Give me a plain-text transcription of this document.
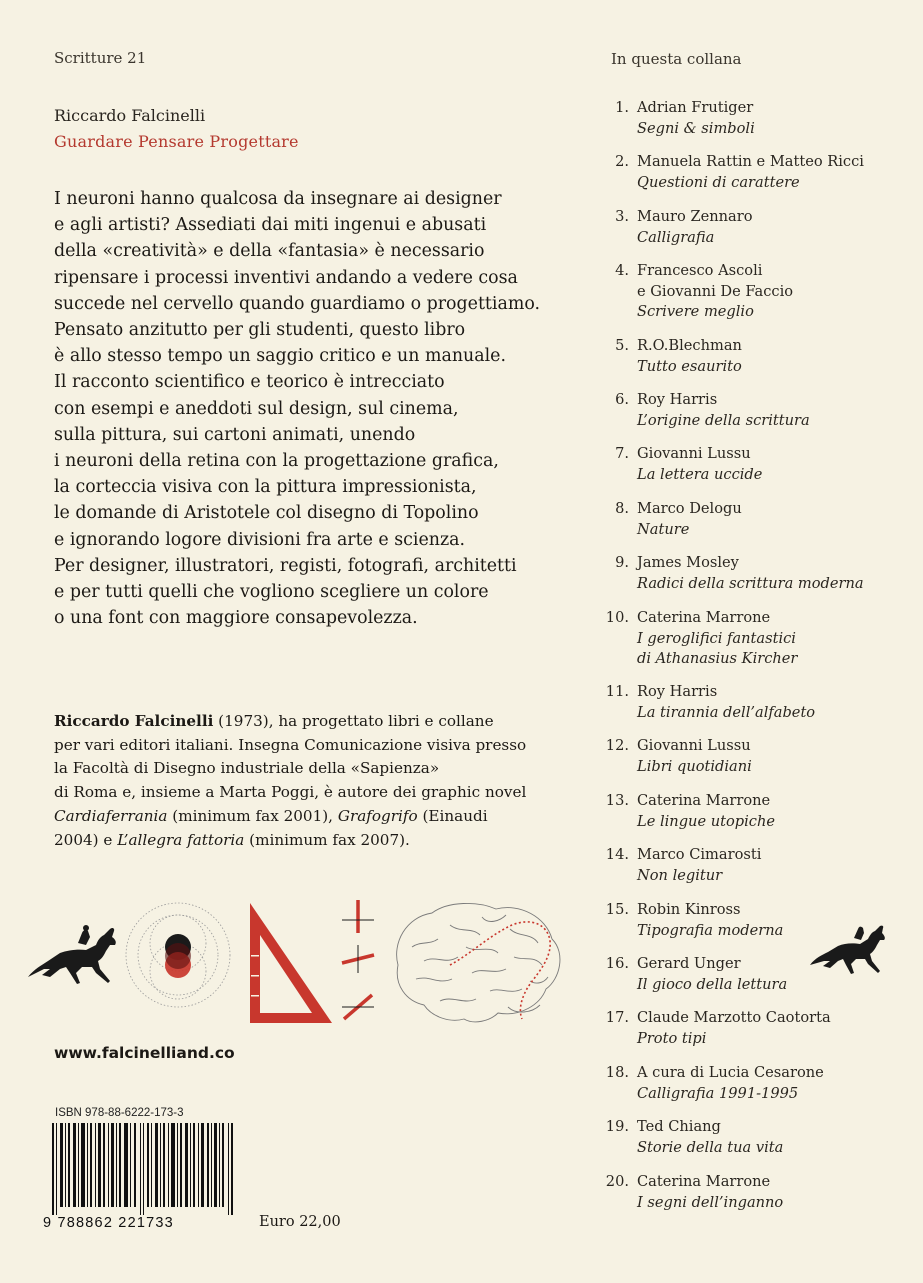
Scritture 21
Riccardo Falcinelli
Guardare Pensare Progettare

I neuroni hanno qualcosa da insegnare ai designer

e agli artisti? Assediati dai miti ingenui e abusati

della «creatività» e della «fantasia» è necessario

ripensare i processi inventivi andando a vedere cosa

succede nel cervello quando guardiamo o progettiamo.

Pensato anzitutto per gli studenti, questo libro

è allo stesso tempo un saggio critico e un manuale.

Il racconto scientifico e teorico è intrecciato

con esempi e aneddoti sul design, sul cinema,

sulla pittura, sui cartoni animati, unendo

i neuroni della retina con la progettazione grafica,

la corteccia visiva con la pittura impressionista,

le domande di Aristotele col disegno di Topolino

e ignorando logore divisioni fra arte e scienza.

Per designer, illustratori, registi, fotografi, architetti

e per tutti quelli che vogliono scegliere un colore

o una font con maggiore consapevolezza.

Riccardo Falcinelli (1973), ha progettato libri e collane

per vari editori italiani. Insegna Comunicazione visiva presso

la Facoltà di Disegno industriale della «Sapienza»

di Roma e, insieme a Marta Poggi, è autore dei graphic novel

Cardiaferrania (minimum fax 2001), Grafogrifo (Einaudi

2004) e L’allegra fattoria (minimum fax 2007).

www.falcinelliand.co
ISBN 978-88-6222-173-3
9 788862 221733	Euro 22,00
In questa collana
1. Adrian Frutiger
Segni & simboli
2. Manuela Rattin e Matteo Ricci
Questioni di carattere
3. Mauro Zennaro
Calligrafia
4. Francesco Ascoli
e Giovanni De Faccio
Scrivere meglio
5. R.O.Blechman
Tutto esaurito
6. Roy Harris
L’origine della scrittura
7. Giovanni Lussu
La lettera uccide
8. Marco Delogu
Nature
9. James Mosley
Radici della scrittura moderna
10. Caterina Marrone
I geroglifici fantastici
di Athanasius Kircher
11. Roy Harris
La tirannia dell’alfabeto
12. Giovanni Lussu
Libri quotidiani
13. Caterina Marrone
Le lingue utopiche
14. Marco Cimarosti
Non legitur
15. Robin Kinross
Tipografia moderna
16. Gerard Unger
Il gioco della lettura
17. Claude Marzotto Caotorta
Proto tipi
18. A cura di Lucia Cesarone
Calligrafia 1991-1995
19. Ted Chiang
Storie della tua vita
20. Caterina Marrone
I segni dell’inganno
